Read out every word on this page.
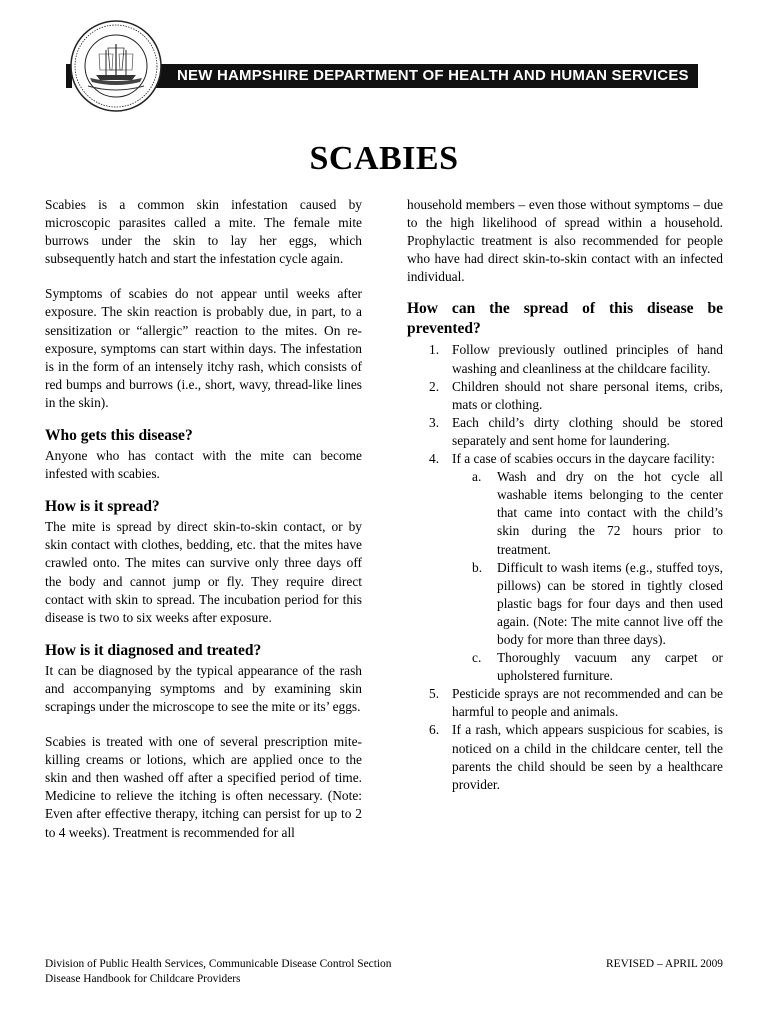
NEW HAMPSHIRE DEPARTMENT OF HEALTH AND HUMAN SERVICES
SCABIES

Scabies is a common skin infestation caused by microscopic parasites called a mite. The female mite burrows under the skin to lay her eggs, which subsequently hatch and start the infestation cycle again.

Symptoms of scabies do not appear until weeks after exposure. The skin reaction is probably due, in part, to a sensitization or “allergic” reaction to the mites. On re-exposure, symptoms can start within days. The infestation is in the form of an intensely itchy rash, which consists of red bumps and burrows (i.e., short, wavy, thread-like lines in the skin).

Who gets this disease?

Anyone who has contact with the mite can become infested with scabies.

How is it spread?

The mite is spread by direct skin-to-skin contact, or by skin contact with clothes, bedding, etc. that the mites have crawled onto. The mites can survive only three days off the body and cannot jump or fly. They require direct contact with skin to spread. The incubation period for this disease is two to six weeks after exposure.

How is it diagnosed and treated?

It can be diagnosed by the typical appearance of the rash and accompanying symptoms and by examining skin scrapings under the microscope to see the mite or its’ eggs.

Scabies is treated with one of several prescription mite-killing creams or lotions, which are applied once to the skin and then washed off after a specified period of time. Medicine to relieve the itching is often necessary. (Note: Even after effective therapy, itching can persist for up to 2 to 4 weeks). Treatment is recommended for all

household members – even those without symptoms – due to the high likelihood of spread within a household. Prophylactic treatment is also recommended for people who have had direct skin-to-skin contact with an infected individual.

How can the spread of this disease be prevented?
1. Follow previously outlined principles of hand washing and cleanliness at the childcare facility.
2. Children should not share personal items, cribs, mats or clothing.
3. Each child’s dirty clothing should be stored separately and sent home for laundering.
4. If a case of scabies occurs in the daycare facility:
a. Wash and dry on the hot cycle all washable items belonging to the center that came into contact with the child’s skin during the 72 hours prior to treatment.
b. Difficult to wash items (e.g., stuffed toys, pillows) can be stored in tightly closed plastic bags for four days and then used again. (Note: The mite cannot live off the body for more than three days).
c. Thoroughly vacuum any carpet or upholstered furniture.
5. Pesticide sprays are not recommended and can be harmful to people and animals.
6. If a rash, which appears suspicious for scabies, is noticed on a child in the childcare center, tell the parents the child should be seen by a healthcare provider.
Division of Public Health Services, Communicable Disease Control Section
Disease Handbook for Childcare Providers
REVISED – APRIL 2009
